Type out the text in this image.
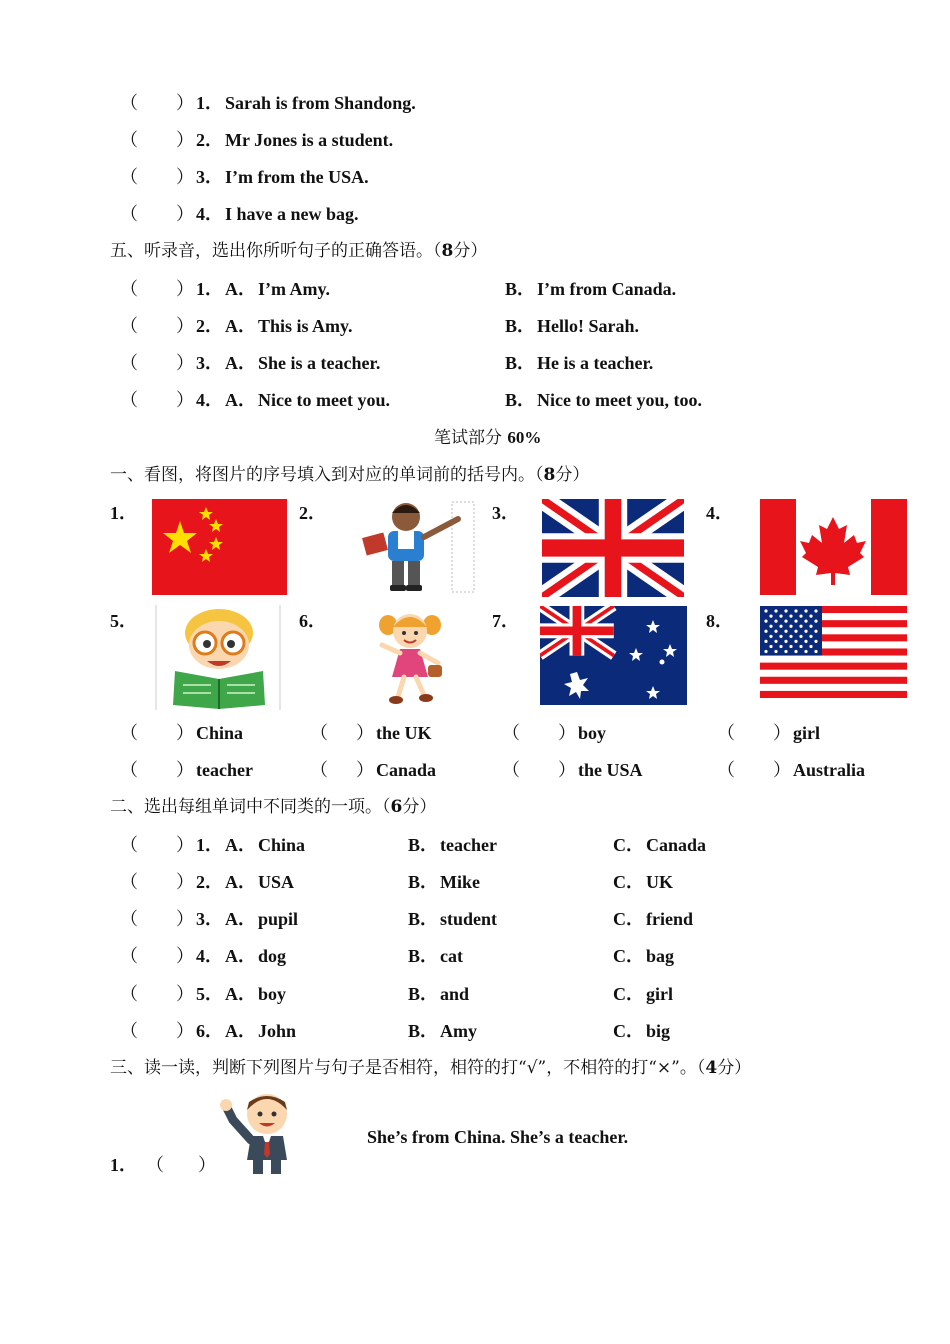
（ ） 1． Sarah is from Shandong.
（ ） 2． Mr Jones is a student.
（ ） 3． I’m from the USA.
（ ） 4． I have a new bag.
五、听录音，选出你所听句子的正确答语。（8分）
（ ） 1． A． I’m Amy.	B． I’m from Canada.
（ ） 2． A． This is Amy.	B． Hello! Sarah.
（ ） 3． A． She is a teacher.	B． He is a teacher.
（ ） 4． A． Nice to meet you.	B． Nice to meet you, too.
笔试部分 60%
一、看图，将图片的序号填入到对应的单词前的括号内。（8分）
1．	2．	3．	4．
5．	6．	7．	8．
（ ） China	（ ） the UK	（ ） boy	（ ） girl
（ ） teacher	（ ） Canada	（ ） the USA	（ ） Australia
二、选出每组单词中不同类的一项。（6分）
（ ） 1． A． China	B． teacher	C． Canada
（ ） 2． A． USA	B． Mike	C． UK
（ ） 3． A． pupil	B． student	C． friend
（ ） 4． A． dog	B． cat	C． bag
（ ） 5． A． boy	B． and	C． girl
（ ） 6． A． John	B． Amy	C． big
三、读一读，判断下列图片与句子是否相符，相符的打“√”，不相符的打“×”。（4分）
She’s from China. She’s a teacher.
1． （ ）
